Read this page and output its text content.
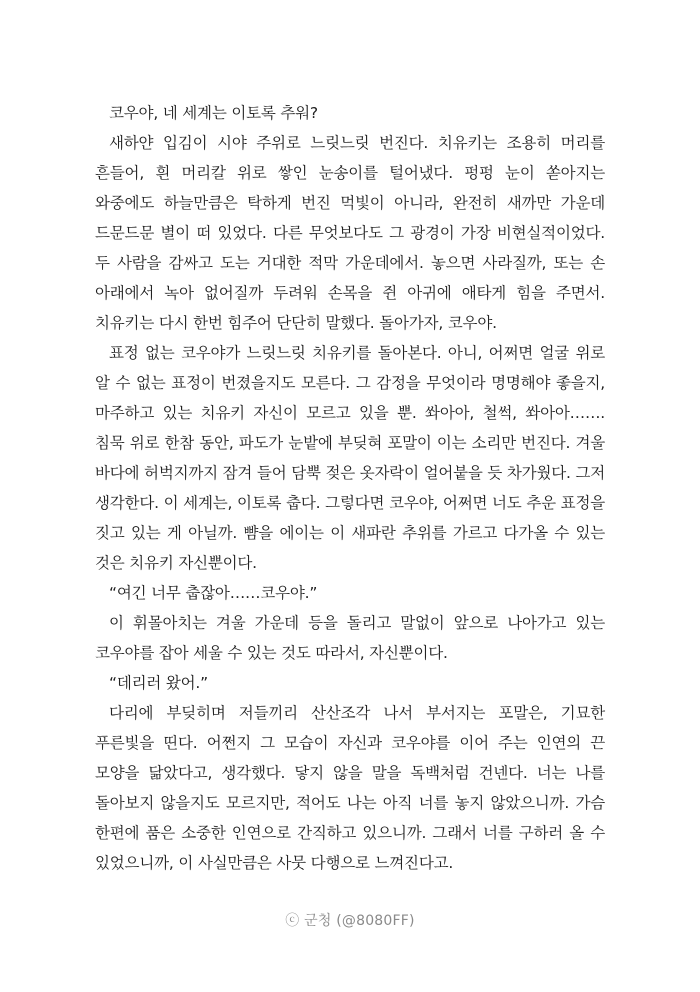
코우야, 네 세계는 이토록 추워?

새하얀 입김이 시야 주위로 느릿느릿 번진다. 치유키는 조용히 머리를 흔들어, 흰 머리칼 위로 쌓인 눈송이를 털어냈다. 펑펑 눈이 쏟아지는 와중에도 하늘만큼은 탁하게 번진 먹빛이 아니라, 완전히 새까만 가운데 드문드문 별이 떠 있었다. 다른 무엇보다도 그 광경이 가장 비현실적이었다. 두 사람을 감싸고 도는 거대한 적막 가운데에서. 놓으면 사라질까, 또는 손 아래에서 녹아 없어질까 두려워 손목을 쥔 아귀에 애타게 힘을 주면서. 치유키는 다시 한번 힘주어 단단히 말했다. 돌아가자, 코우야.

표정 없는 코우야가 느릿느릿 치유키를 돌아본다. 아니, 어쩌면 얼굴 위로 알 수 없는 표정이 번졌을지도 모른다. 그 감정을 무엇이라 명명해야 좋을지, 마주하고 있는 치유키 자신이 모르고 있을 뿐. 쏴아아, 철썩, 쏴아아……. 침묵 위로 한참 동안, 파도가 눈밭에 부딪혀 포말이 이는 소리만 번진다. 겨울 바다에 허벅지까지 잠겨 들어 담뿍 젖은 옷자락이 얼어붙을 듯 차가웠다. 그저 생각한다. 이 세계는, 이토록 춥다. 그렇다면 코우야, 어쩌면 너도 추운 표정을 짓고 있는 게 아닐까. 뺨을 에이는 이 새파란 추위를 가르고 다가올 수 있는 것은 치유키 자신뿐이다.

“여긴 너무 춥잖아……코우야.”

이 휘몰아치는 겨울 가운데 등을 돌리고 말없이 앞으로 나아가고 있는 코우야를 잡아 세울 수 있는 것도 따라서, 자신뿐이다.

“데리러 왔어.”

다리에 부딪히며 저들끼리 산산조각 나서 부서지는 포말은, 기묘한 푸른빛을 띤다. 어쩐지 그 모습이 자신과 코우야를 이어 주는 인연의 끈 모양을 닮았다고, 생각했다. 닿지 않을 말을 독백처럼 건넨다. 너는 나를 돌아보지 않을지도 모르지만, 적어도 나는 아직 너를 놓지 않았으니까. 가슴 한편에 품은 소중한 인연으로 간직하고 있으니까. 그래서 너를 구하러 올 수 있었으니까, 이 사실만큼은 사뭇 다행으로 느껴진다고.

ⓒ 군청 (@8080FF)
